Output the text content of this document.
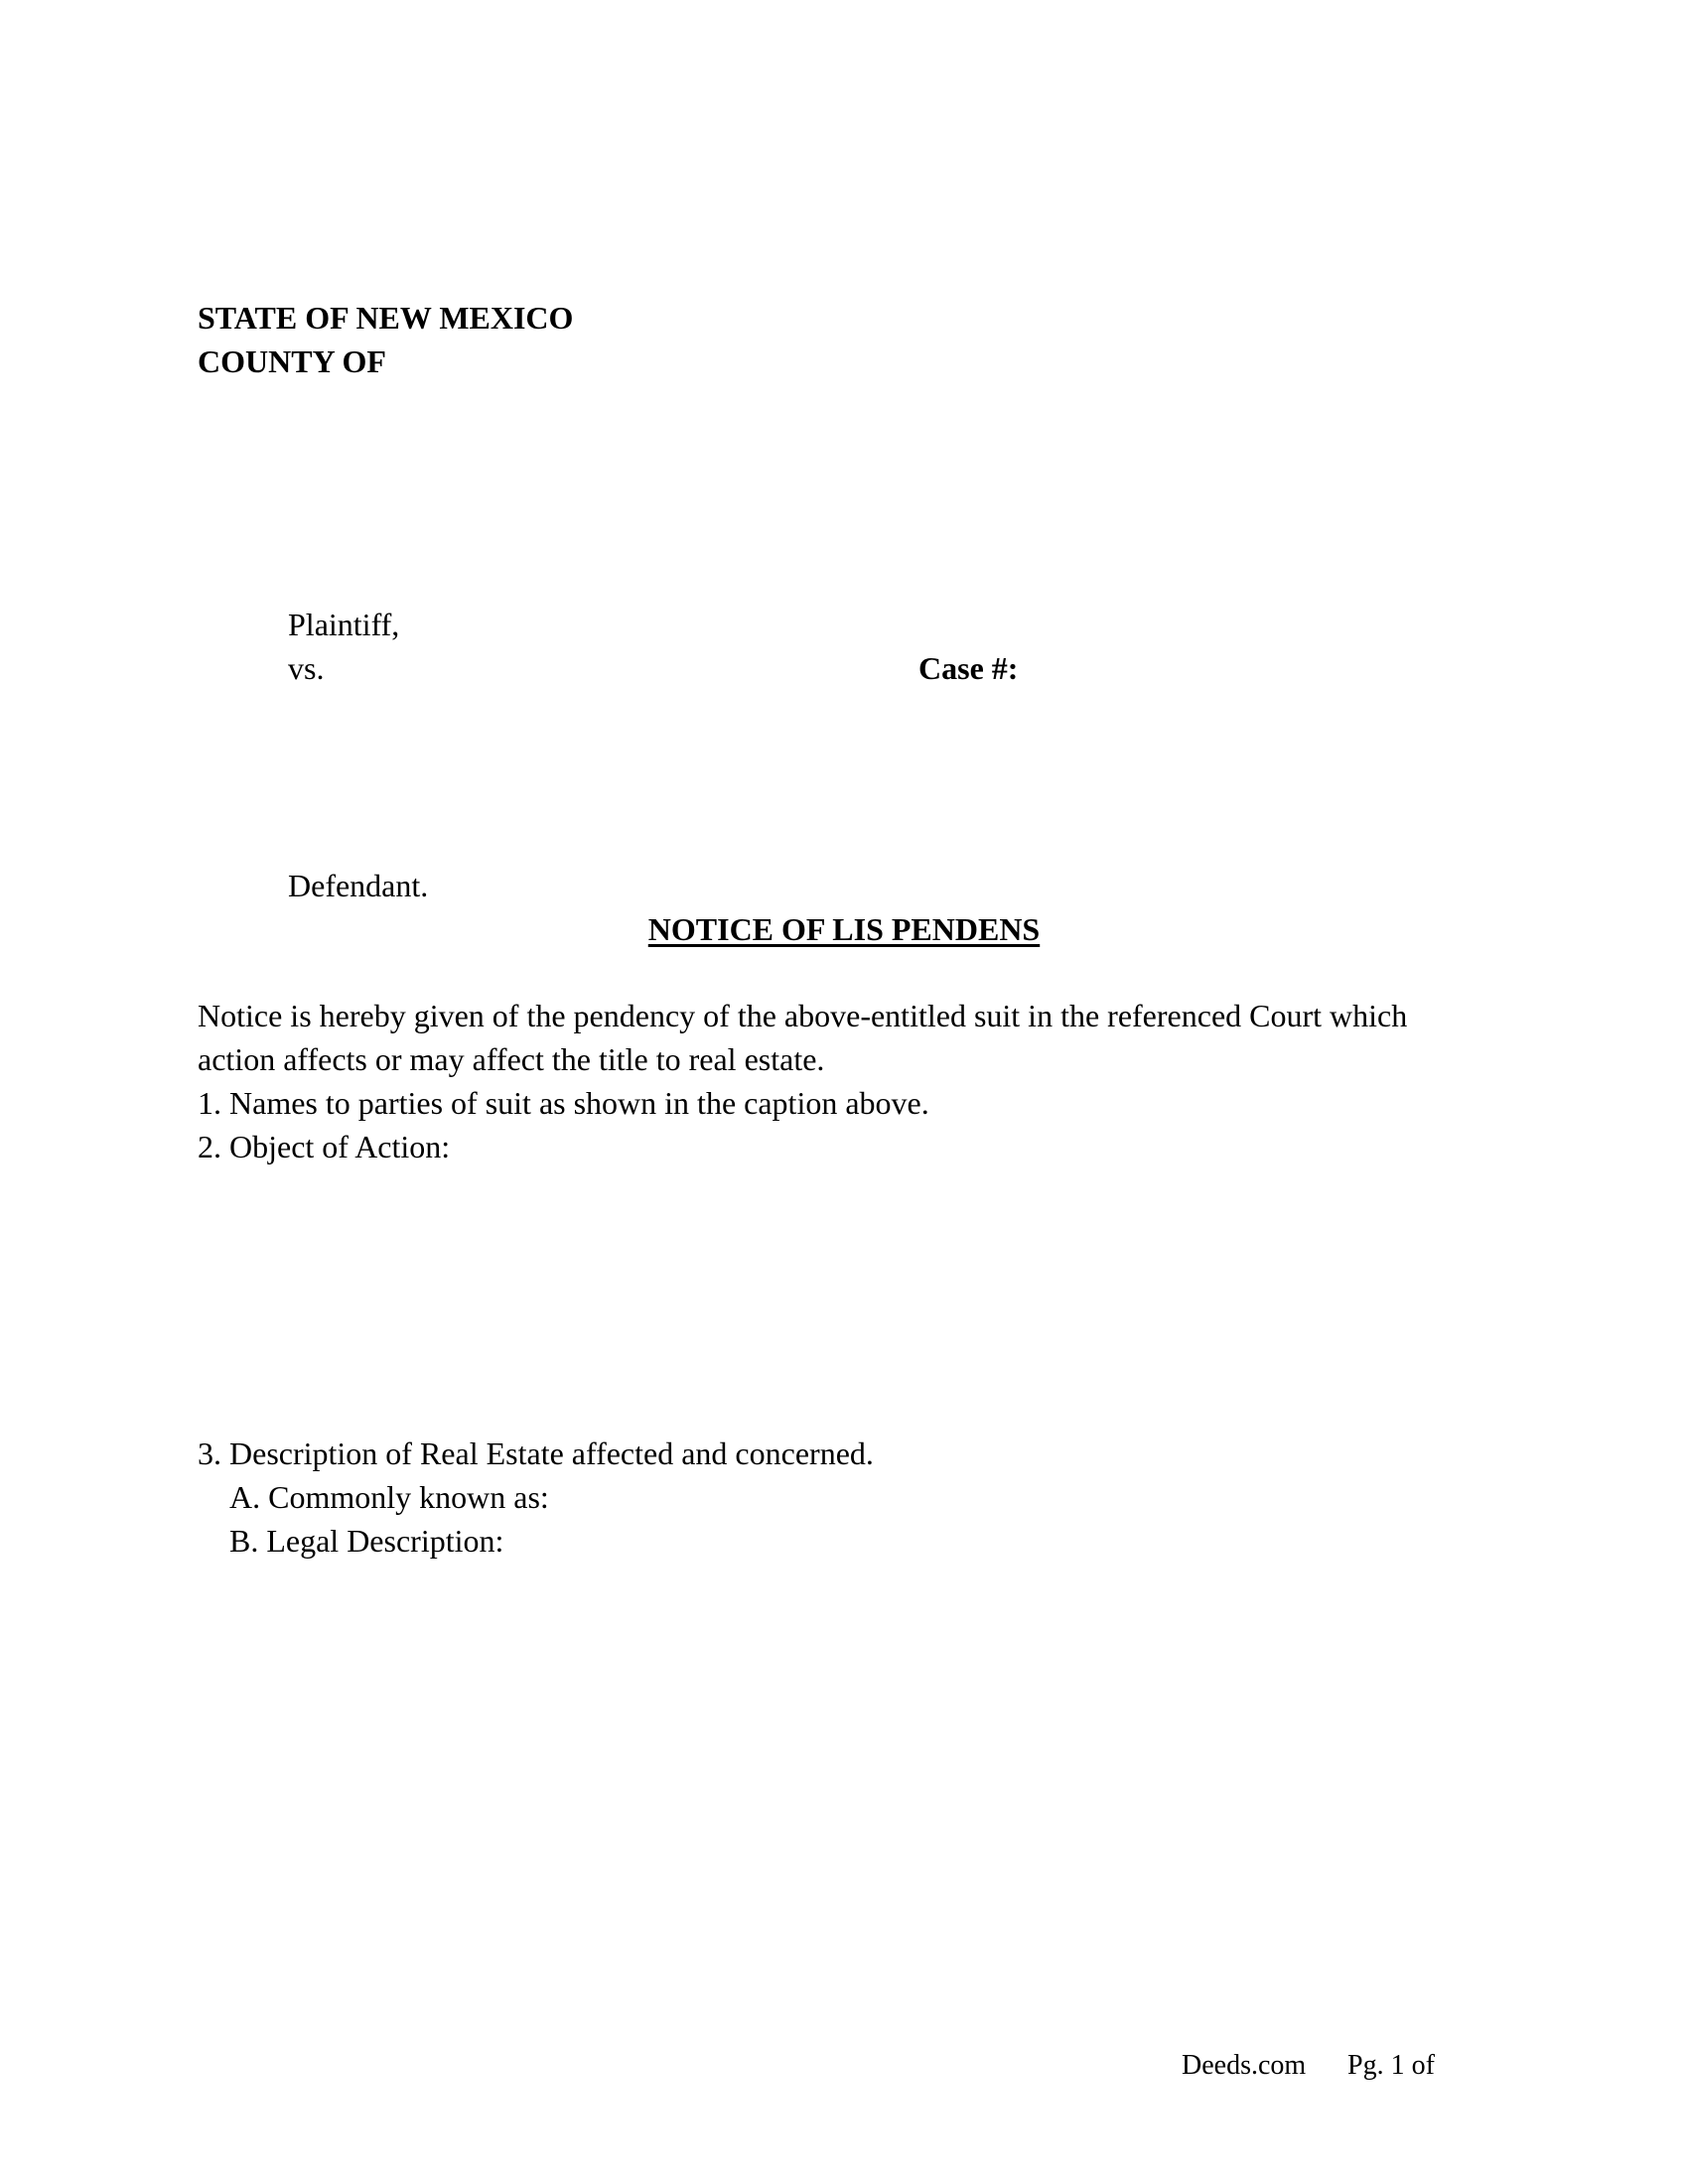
STATE OF NEW MEXICO
COUNTY OF
Plaintiff,
vs.	Case #:
Defendant.
NOTICE OF LIS PENDENS
Notice is hereby given of the pendency of the above-entitled suit in the referenced Court which
action affects or may affect the title to real estate.
1. Names to parties of suit as shown in the caption above.
2. Object of Action:
3. Description of Real Estate affected and concerned.
A. Commonly known as:
B. Legal Description:
Deeds.com Pg. 1 of
